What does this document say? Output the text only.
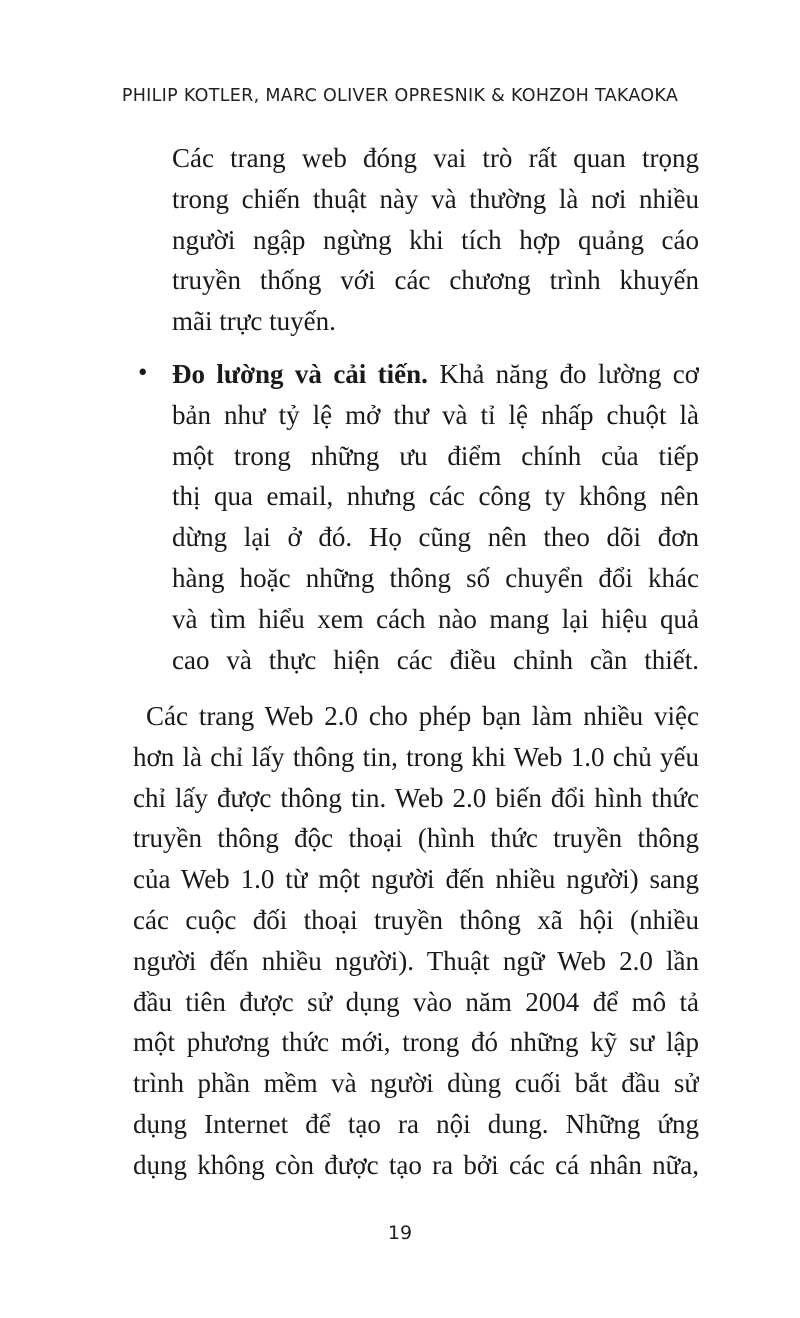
PHILIP KOTLER, MARC OLIVER OPRESNIK & KOHZOH TAKAOKA
Các trang web đóng vai trò rất quan trọng
trong chiến thuật này và thường là nơi nhiều
người ngập ngừng khi tích hợp quảng cáo
truyền thống với các chương trình khuyến
mãi trực tuyến.
• Đo lường và cải tiến. Khả năng đo lường cơ
bản như tỷ lệ mở thư và tỉ lệ nhấp chuột là
một trong những ưu điểm chính của tiếp
thị qua email, nhưng các công ty không nên
dừng lại ở đó. Họ cũng nên theo dõi đơn
hàng hoặc những thông số chuyển đổi khác
và tìm hiểu xem cách nào mang lại hiệu quả
cao và thực hiện các điều chỉnh cần thiết.
Các trang Web 2.0 cho phép bạn làm nhiều việc
hơn là chỉ lấy thông tin, trong khi Web 1.0 chủ yếu
chỉ lấy được thông tin. Web 2.0 biến đổi hình thức
truyền thông độc thoại (hình thức truyền thông
của Web 1.0 từ một người đến nhiều người) sang
các cuộc đối thoại truyền thông xã hội (nhiều
người đến nhiều người). Thuật ngữ Web 2.0 lần
đầu tiên được sử dụng vào năm 2004 để mô tả
một phương thức mới, trong đó những kỹ sư lập
trình phần mềm và người dùng cuối bắt đầu sử
dụng Internet để tạo ra nội dung. Những ứng
dụng không còn được tạo ra bởi các cá nhân nữa,
19
